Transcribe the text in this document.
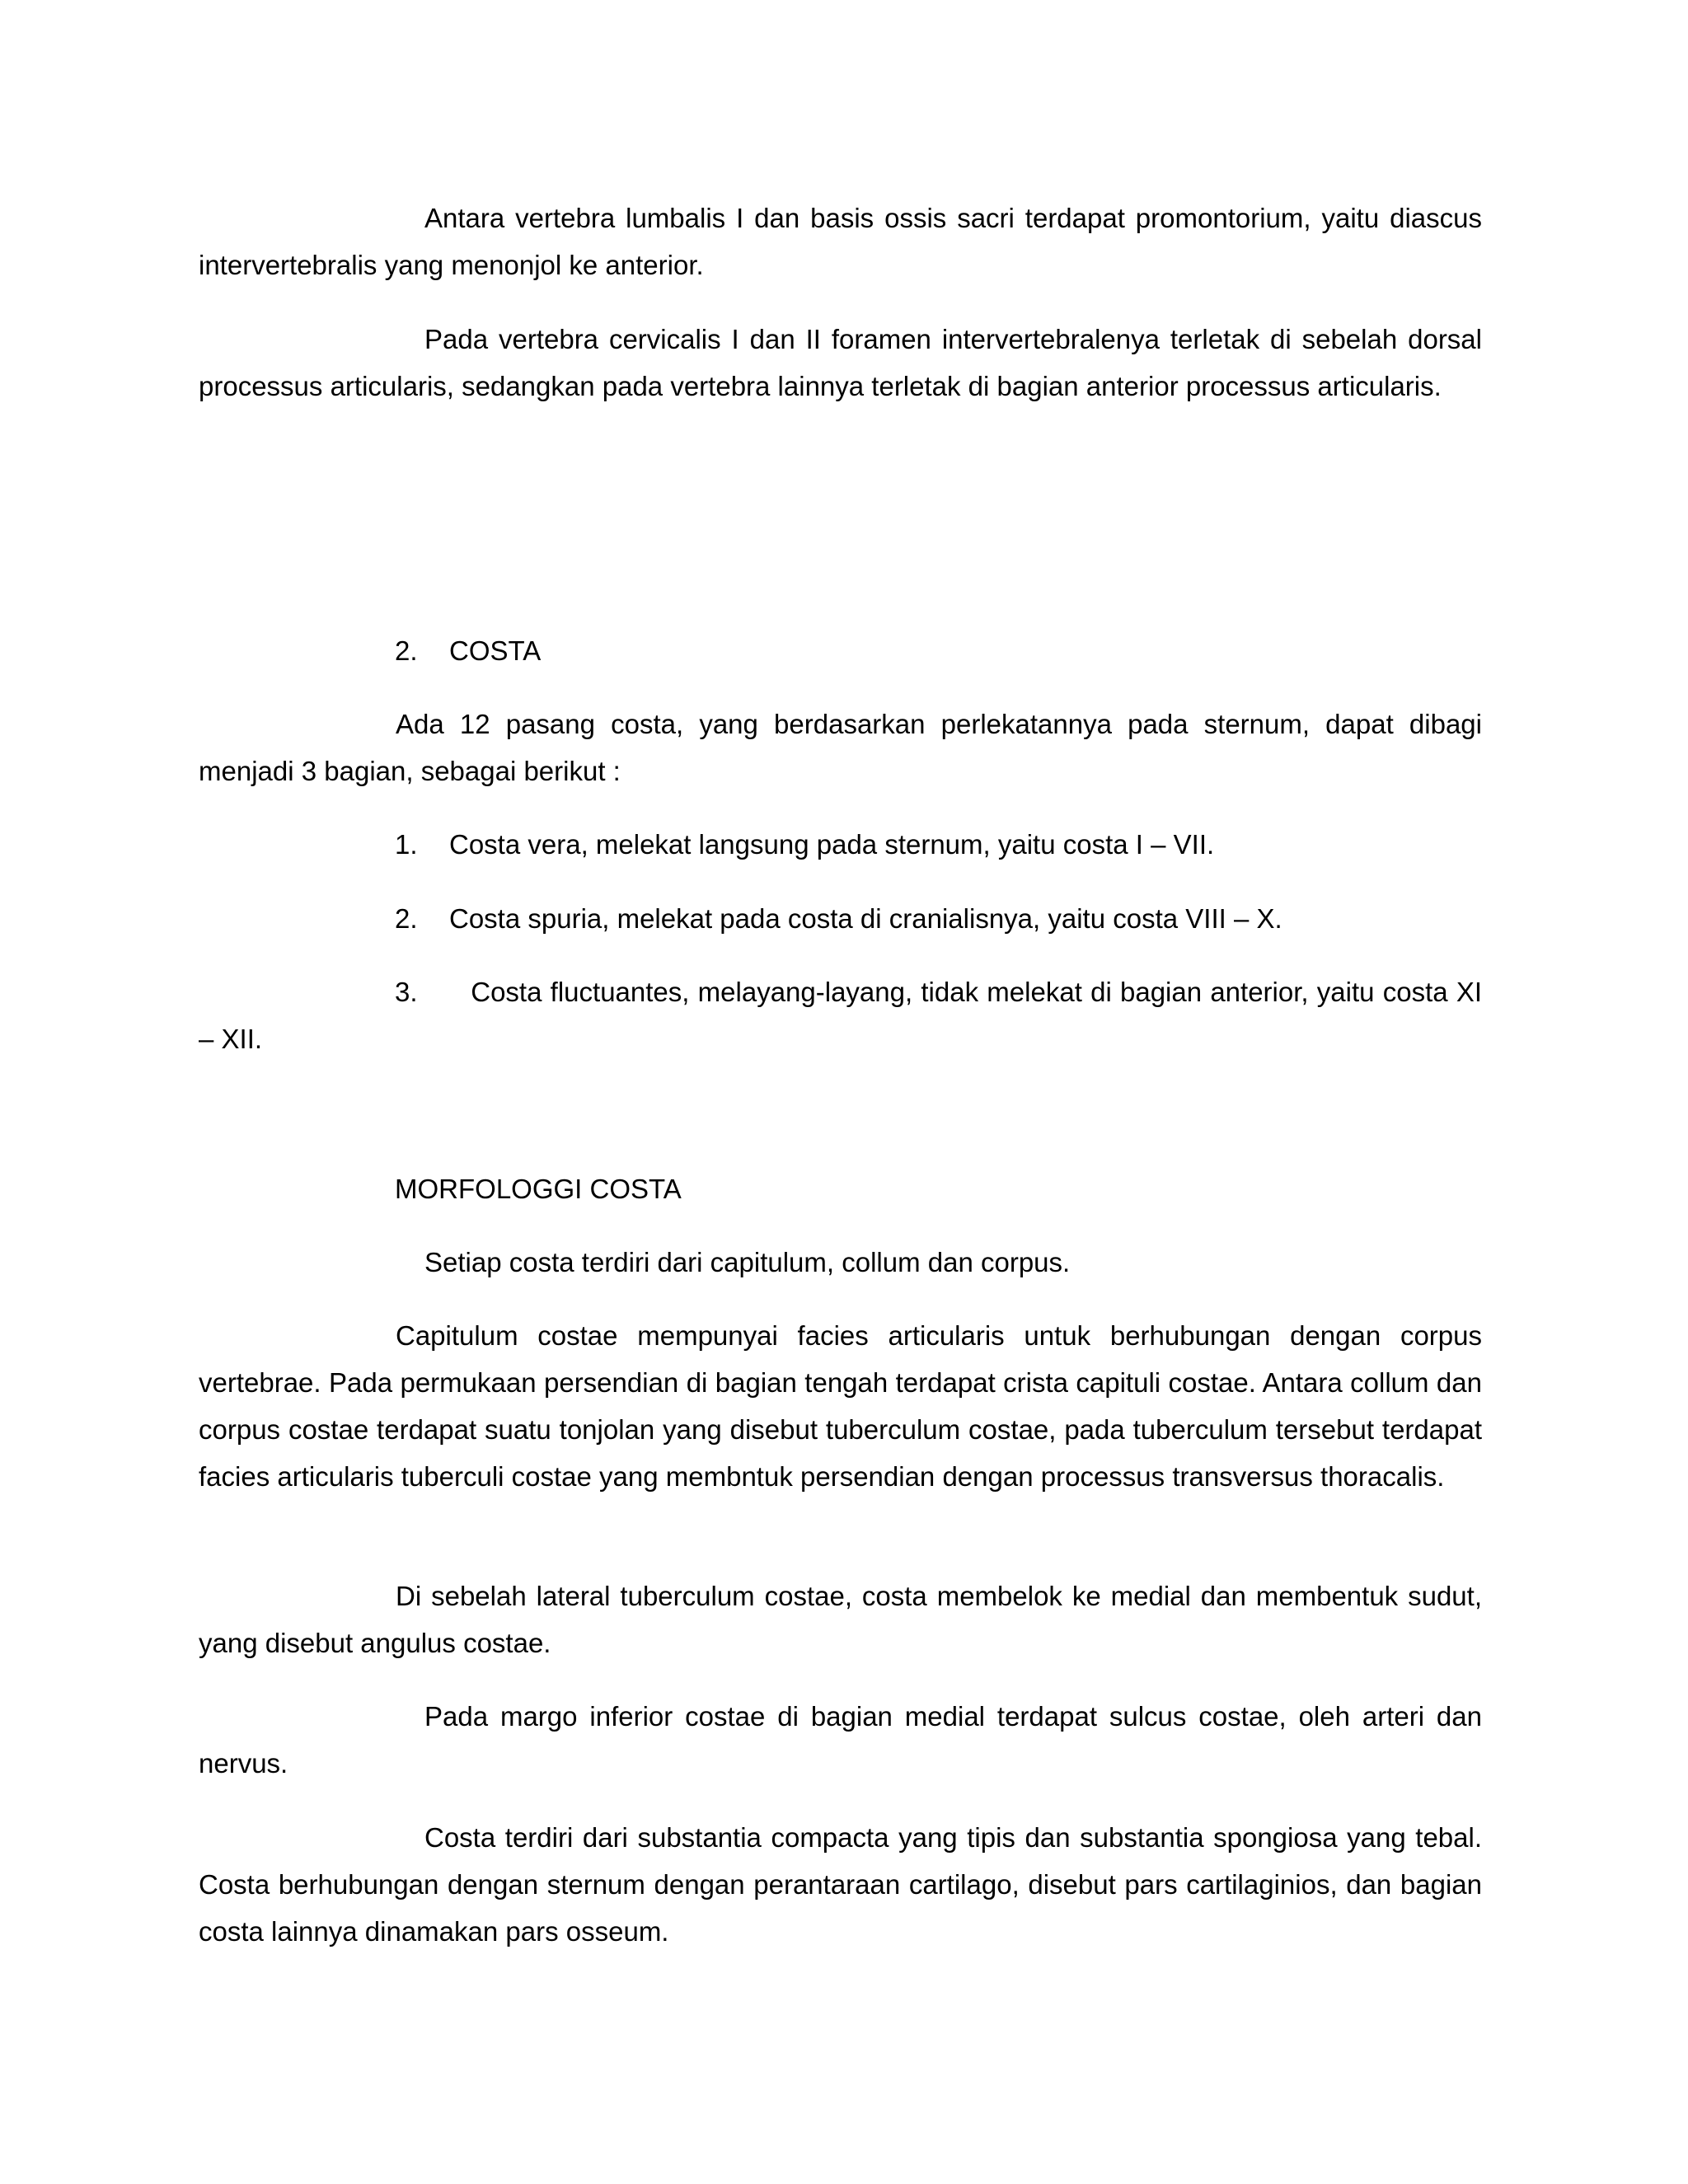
Antara vertebra lumbalis I dan basis ossis sacri terdapat promontorium, yaitu diascus intervertebralis yang menonjol ke anterior.

Pada vertebra cervicalis I dan II foramen intervertebralenya terletak di sebelah dorsal processus articularis, sedangkan pada vertebra lainnya terletak di bagian anterior processus articularis.

2. COSTA

Ada 12 pasang costa, yang berdasarkan perlekatannya pada sternum, dapat dibagi menjadi 3 bagian, sebagai berikut :

1. Costa vera, melekat langsung pada sternum, yaitu costa I – VII.
2. Costa spuria, melekat pada costa di cranialisnya, yaitu costa VIII – X.
3.	Costa fluctuantes, melayang-layang, tidak melekat di bagian anterior, yaitu costa XI – XII.

MORFOLOGGI COSTA

Setiap costa terdiri dari capitulum, collum dan corpus.

Capitulum costae mempunyai facies articularis untuk berhubungan dengan corpus vertebrae. Pada permukaan persendian di bagian tengah terdapat crista capituli costae. Antara collum dan corpus costae terdapat suatu tonjolan yang disebut tuberculum costae, pada tuberculum tersebut terdapat facies articularis tuberculi costae yang membntuk persendian dengan processus transversus thoracalis.

Di sebelah lateral tuberculum costae, costa membelok ke medial dan membentuk sudut, yang disebut angulus costae.

Pada margo inferior costae di bagian medial terdapat sulcus costae, oleh arteri dan nervus.

Costa terdiri dari substantia compacta yang tipis dan substantia spongiosa yang tebal. Costa berhubungan dengan sternum dengan perantaraan cartilago, disebut pars cartilaginios, dan bagian costa lainnya dinamakan pars osseum.
